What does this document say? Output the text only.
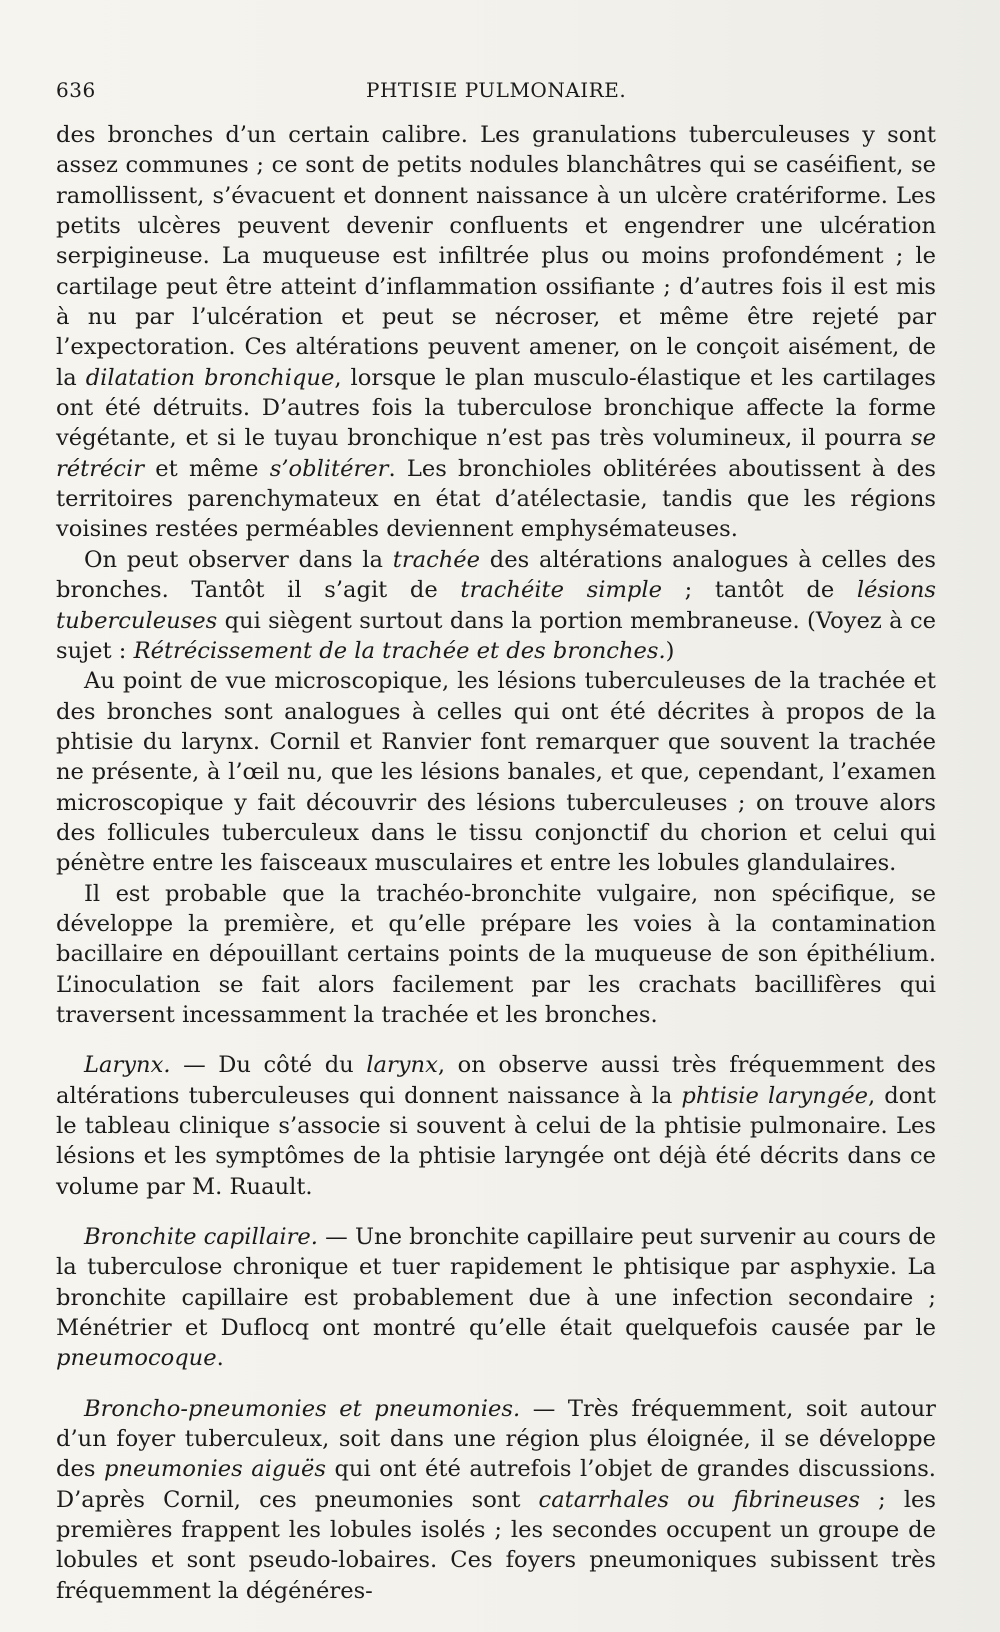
636	PHTISIE PULMONAIRE.

des bronches d’un certain calibre. Les granulations tuberculeuses y sont assez communes ; ce sont de petits nodules blanchâtres qui se caséifient, se ramollissent, s’évacuent et donnent naissance à un ulcère cratériforme. Les petits ulcères peuvent devenir confluents et engendrer une ulcération serpigineuse. La muqueuse est infiltrée plus ou moins profondément ; le cartilage peut être atteint d’inflammation ossifiante ; d’autres fois il est mis à nu par l’ulcération et peut se nécroser, et même être rejeté par l’expectoration. Ces altérations peuvent amener, on le conçoit aisément, de la dilatation bronchique, lorsque le plan musculo-élastique et les cartilages ont été détruits. D’autres fois la tuberculose bronchique affecte la forme végétante, et si le tuyau bronchique n’est pas très volumineux, il pourra se rétrécir et même s’oblitérer. Les bronchioles oblitérées aboutissent à des territoires parenchymateux en état d’atélectasie, tandis que les régions voisines restées perméables deviennent emphysémateuses.

On peut observer dans la trachée des altérations analogues à celles des bronches. Tantôt il s’agit de trachéite simple ; tantôt de lésions tuberculeuses qui siègent surtout dans la portion membraneuse. (Voyez à ce sujet : Rétrécissement de la trachée et des bronches.)

Au point de vue microscopique, les lésions tuberculeuses de la trachée et des bronches sont analogues à celles qui ont été décrites à propos de la phtisie du larynx. Cornil et Ranvier font remarquer que souvent la trachée ne présente, à l’œil nu, que les lésions banales, et que, cependant, l’examen microscopique y fait découvrir des lésions tuberculeuses ; on trouve alors des follicules tuberculeux dans le tissu conjonctif du chorion et celui qui pénètre entre les faisceaux musculaires et entre les lobules glandulaires.

Il est probable que la trachéo-bronchite vulgaire, non spécifique, se développe la première, et qu’elle prépare les voies à la contamination bacillaire en dépouillant certains points de la muqueuse de son épithélium. L’inoculation se fait alors facilement par les crachats bacillifères qui traversent incessamment la trachée et les bronches.

Larynx. — Du côté du larynx, on observe aussi très fréquemment des altérations tuberculeuses qui donnent naissance à la phtisie laryngée, dont le tableau clinique s’associe si souvent à celui de la phtisie pulmonaire. Les lésions et les symptômes de la phtisie laryngée ont déjà été décrits dans ce volume par M. Ruault.

Bronchite capillaire. — Une bronchite capillaire peut survenir au cours de la tuberculose chronique et tuer rapidement le phtisique par asphyxie. La bronchite capillaire est probablement due à une infection secondaire ; Ménétrier et Duflocq ont montré qu’elle était quelquefois causée par le pneumocoque.

Broncho-pneumonies et pneumonies. — Très fréquemment, soit autour d’un foyer tuberculeux, soit dans une région plus éloignée, il se développe des pneumonies aiguës qui ont été autrefois l’objet de grandes discussions. D’après Cornil, ces pneumonies sont catarrhales ou fibrineuses ; les premières frappent les lobules isolés ; les secondes occupent un groupe de lobules et sont pseudo-lobaires. Ces foyers pneumoniques subissent très fréquemment la dégénéres-
